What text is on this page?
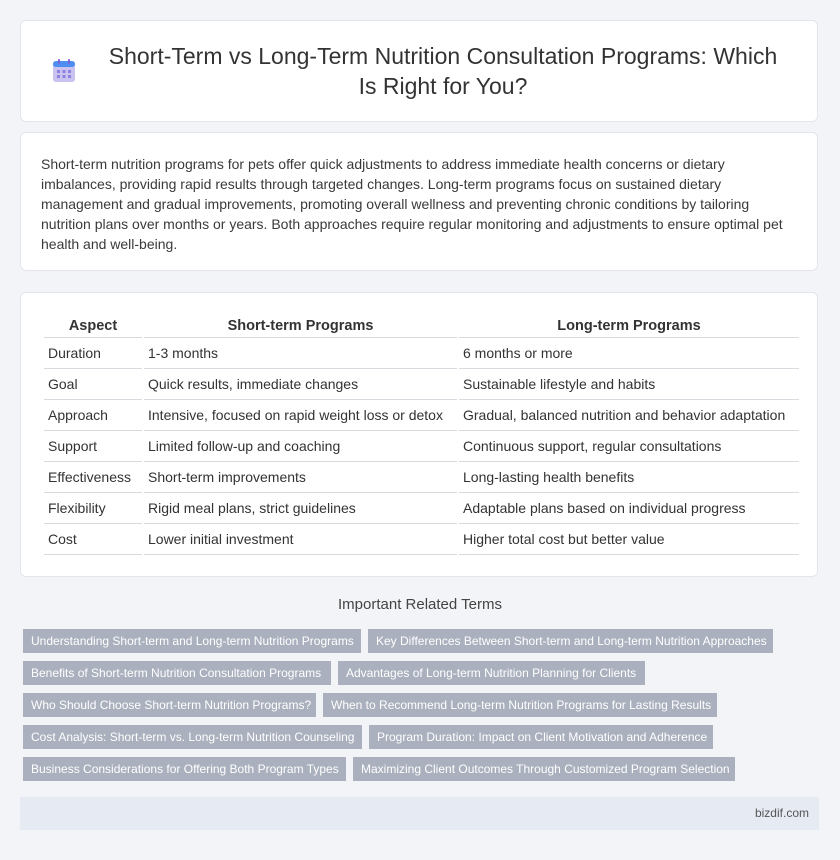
Short-Term vs Long-Term Nutrition Consultation Programs: Which Is Right for You?

Short-term nutrition programs for pets offer quick adjustments to address immediate health concerns or dietary imbalances, providing rapid results through targeted changes. Long-term programs focus on sustained dietary management and gradual improvements, promoting overall wellness and preventing chronic conditions by tailoring nutrition plans over months or years. Both approaches require regular monitoring and adjustments to ensure optimal pet health and well-being.

Aspect	Short-term Programs	Long-term Programs
Duration	1-3 months	6 months or more
Goal	Quick results, immediate changes	Sustainable lifestyle and habits
Approach	Intensive, focused on rapid weight loss or detox	Gradual, balanced nutrition and behavior adaptation
Support	Limited follow-up and coaching	Continuous support, regular consultations
Effectiveness	Short-term improvements	Long-lasting health benefits
Flexibility	Rigid meal plans, strict guidelines	Adaptable plans based on individual progress
Cost	Lower initial investment	Higher total cost but better value
Important Related Terms
Understanding Short-term and Long-term Nutrition Programs	Key Differences Between Short-term and Long-term Nutrition Approaches
Benefits of Short-term Nutrition Consultation Programs	Advantages of Long-term Nutrition Planning for Clients
Who Should Choose Short-term Nutrition Programs?	When to Recommend Long-term Nutrition Programs for Lasting Results
Cost Analysis: Short-term vs. Long-term Nutrition Counseling	Program Duration: Impact on Client Motivation and Adherence
Business Considerations for Offering Both Program Types	Maximizing Client Outcomes Through Customized Program Selection
bizdif.com
